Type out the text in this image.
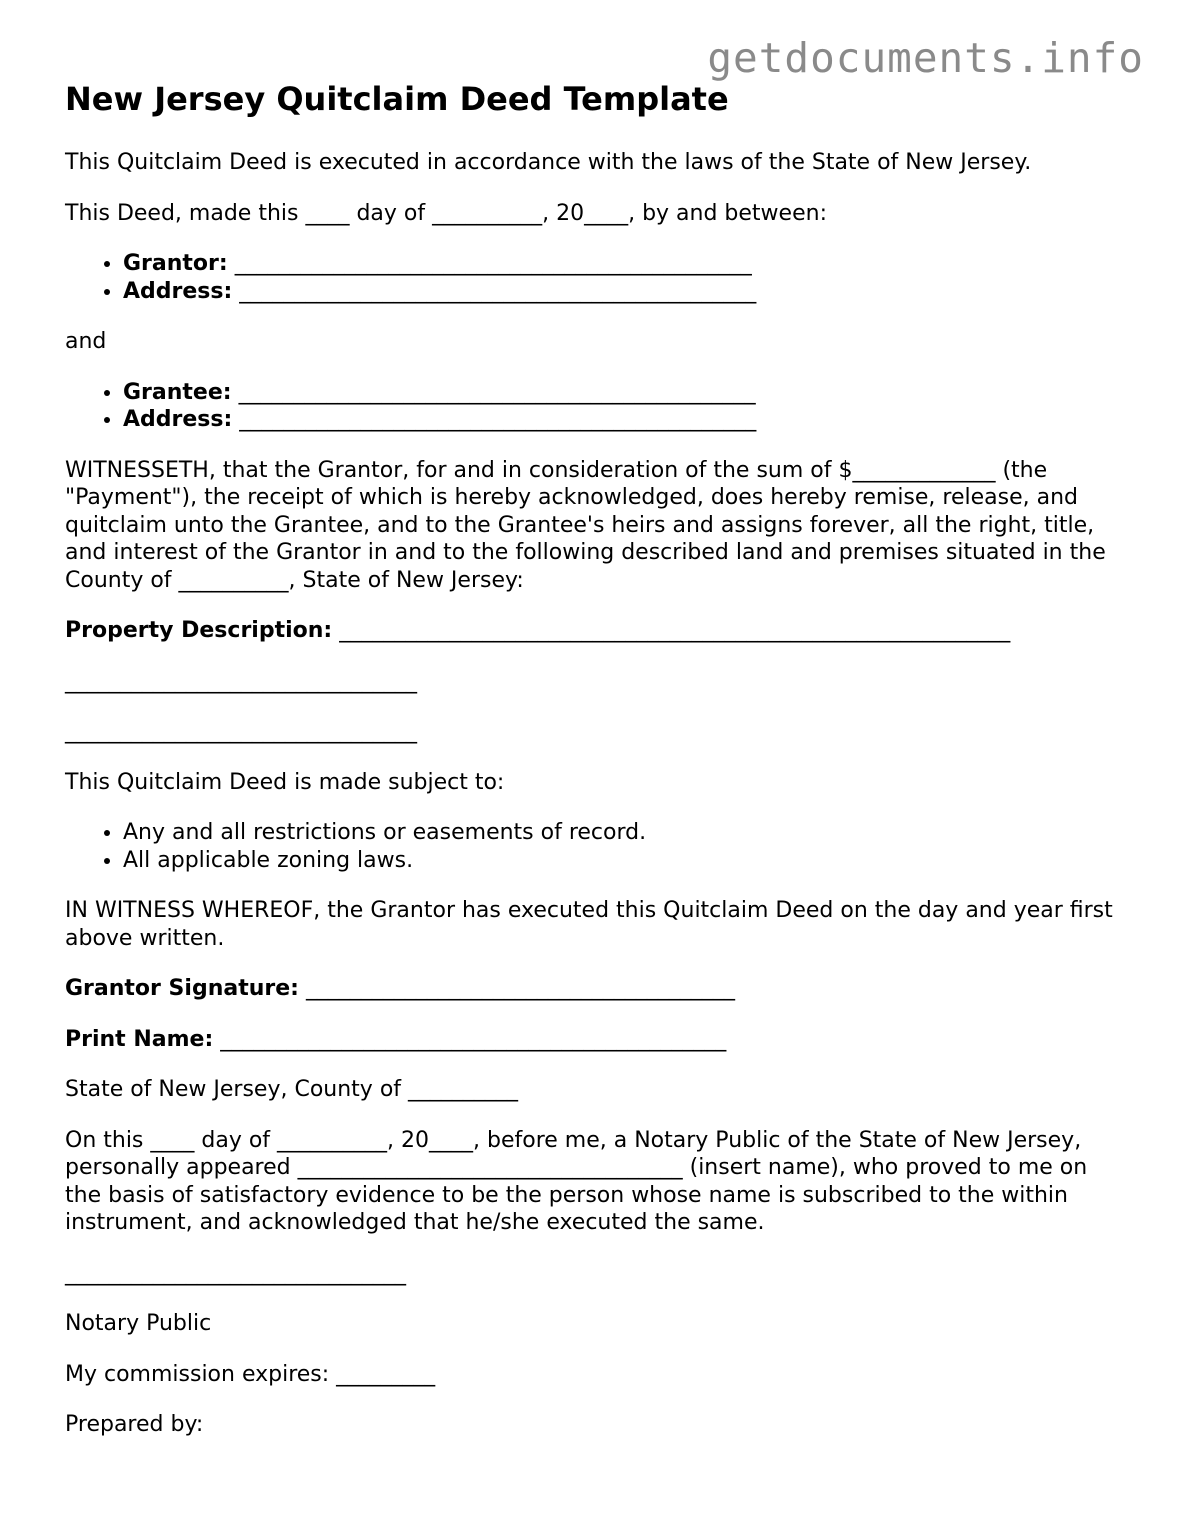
getdocuments.info
New Jersey Quitclaim Deed Template

This Quitclaim Deed is executed in accordance with the laws of the State of New Jersey.

This Deed, made this ____ day of __________, 20____, by and between:

• Grantor: _______________________________________________
• Address: _______________________________________________

and

• Grantee: _______________________________________________
• Address: _______________________________________________

WITNESSETH, that the Grantor, for and in consideration of the sum of $_____________ (the "Payment"), the receipt of which is hereby acknowledged, does hereby remise, release, and quitclaim unto the Grantee, and to the Grantee's heirs and assigns forever, all the right, title, and interest of the Grantor in and to the following described land and premises situated in the County of __________, State of New Jersey:

Property Description: _____________________________________________________________

________________________________
________________________________

This Quitclaim Deed is made subject to:

• Any and all restrictions or easements of record.
• All applicable zoning laws.

IN WITNESS WHEREOF, the Grantor has executed this Quitclaim Deed on the day and year first above written.

Grantor Signature: _______________________________________

Print Name: ______________________________________________

State of New Jersey, County of __________

On this ____ day of __________, 20____, before me, a Notary Public of the State of New Jersey, personally appeared ___________________________________ (insert name), who proved to me on the basis of satisfactory evidence to be the person whose name is subscribed to the within instrument, and acknowledged that he/she executed the same.

_______________________________

Notary Public

My commission expires: _________

Prepared by:
